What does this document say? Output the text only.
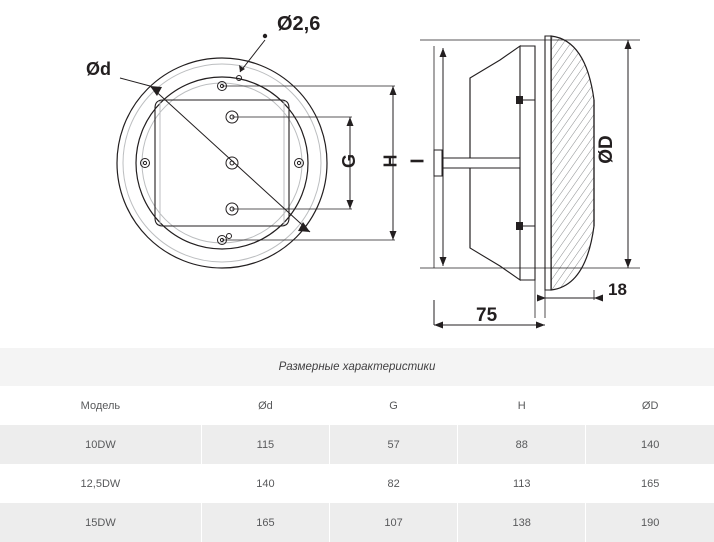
Ø2,6
Ød
G H I	ØD
18
75
Размерные характеристики				
Модель	Ød	G	H	ØD
10DW	115	57	88	140
12,5DW	140	82	113	165
15DW	165	107	138	190
